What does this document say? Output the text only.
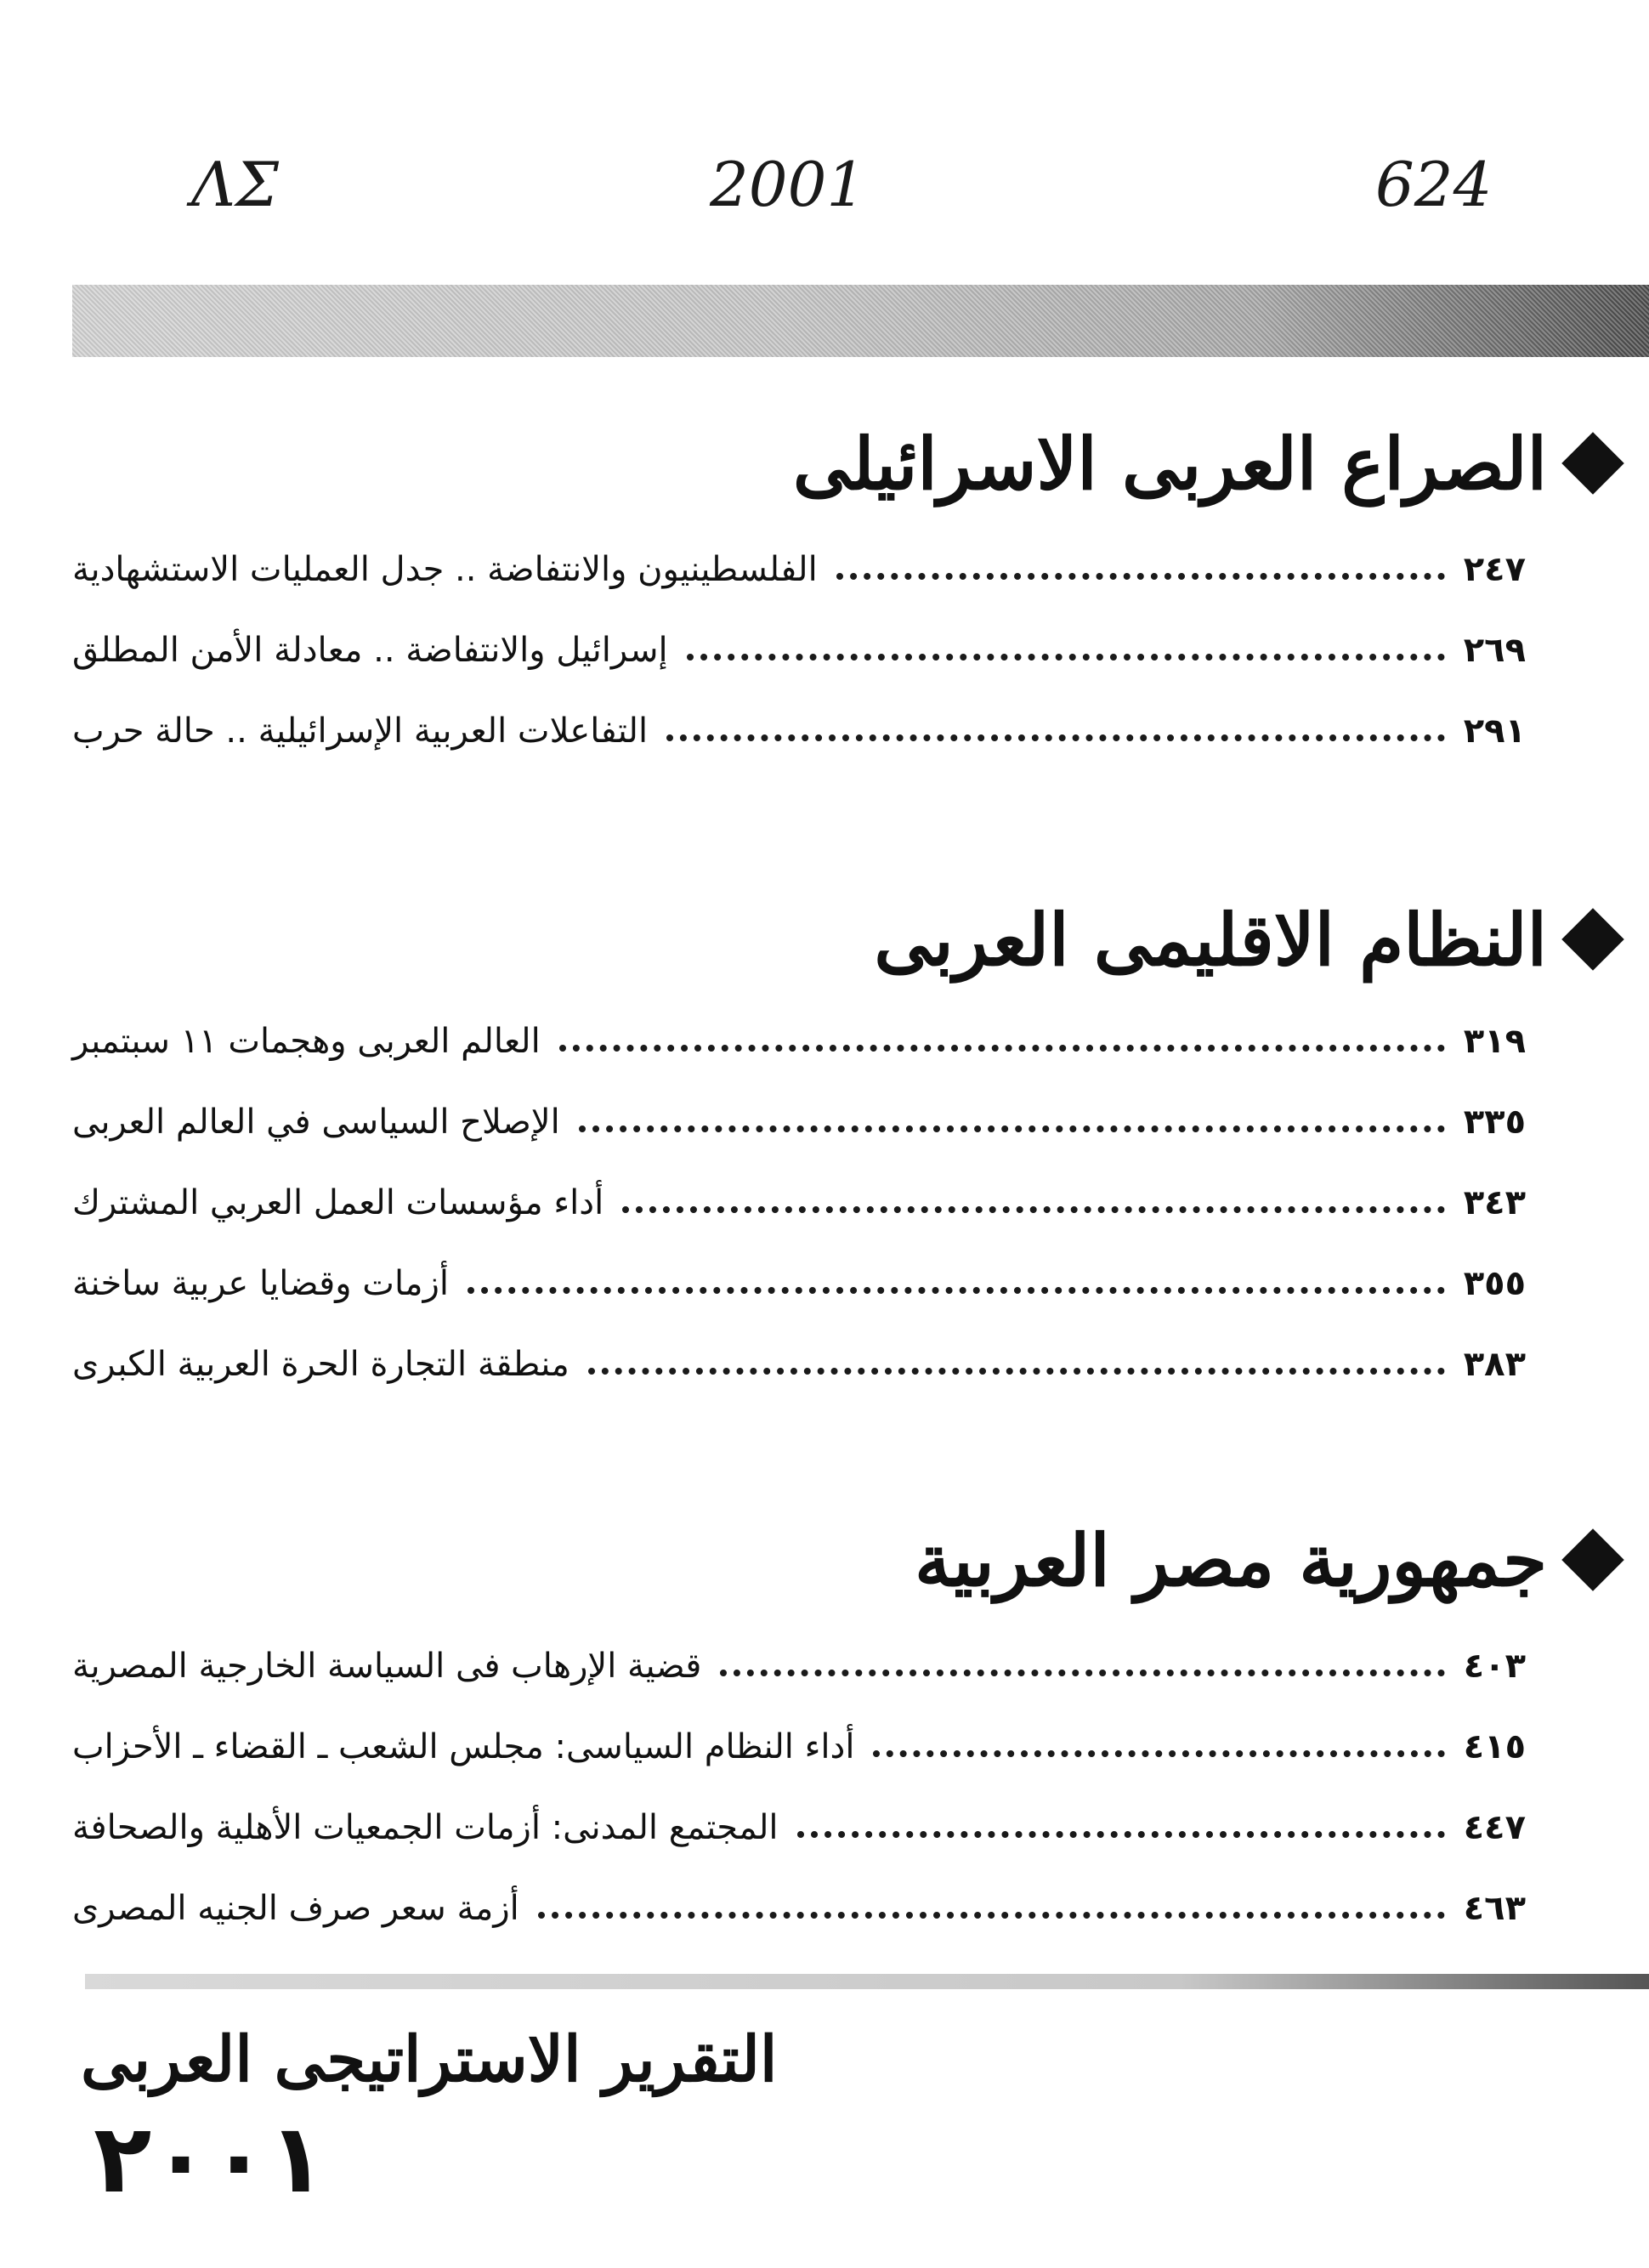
ΛΣ	2001	624
الصراع العربى الاسرائيلى
الفلسطينيون والانتفاضة .. جدل العمليات الاستشهادية	٢٤٧
إسرائيل والانتفاضة .. معادلة الأمن المطلق	٢٦٩
التفاعلات العربية الإسرائيلية .. حالة حرب	٢٩١
النظام الاقليمى العربى
العالم العربى وهجمات ١١ سبتمبر	٣١٩
الإصلاح السياسى في العالم العربى	٣٣٥
أداء مؤسسات العمل العربي المشترك	٣٤٣
أزمات وقضايا عربية ساخنة	٣٥٥
منطقة التجارة الحرة العربية الكبرى	٣٨٣
جمهورية مصر العربية
قضية الإرهاب فى السياسة الخارجية المصرية	٤٠٣
أداء النظام السياسى: مجلس الشعب ـ القضاء ـ الأحزاب	٤١٥
المجتمع المدنى: أزمات الجمعيات الأهلية والصحافة	٤٤٧
أزمة سعر صرف الجنيه المصرى	٤٦٣
التقرير الاستراتيجى العربى
٢٠٠١
